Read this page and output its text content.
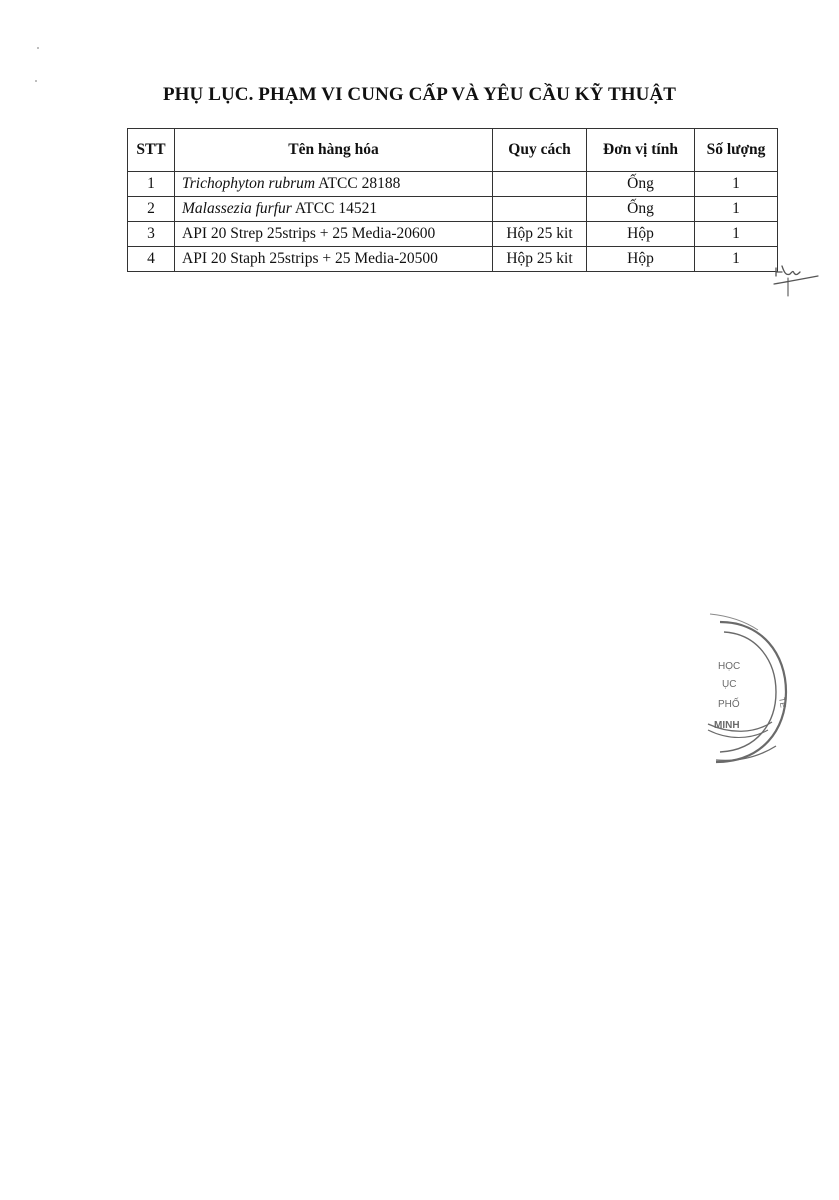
PHỤ LỤC. PHẠM VI CUNG CẤP VÀ YÊU CẦU KỸ THUẬT
STT	Tên hàng hóa	Quy cách	Đơn vị tính	Số lượng
1	Trichophyton rubrum ATCC 28188		Ống	1
2	Malassezia furfur ATCC 14521		Ống	1
3	API 20 Strep 25strips + 25 Media-20600	Hộp 25 kit	Hộp	1
4	API 20 Staph 25strips + 25 Media-20500	Hộp 25 kit	Hộp	1
HỌC
ỤC
PHỐ
MINH
TE
